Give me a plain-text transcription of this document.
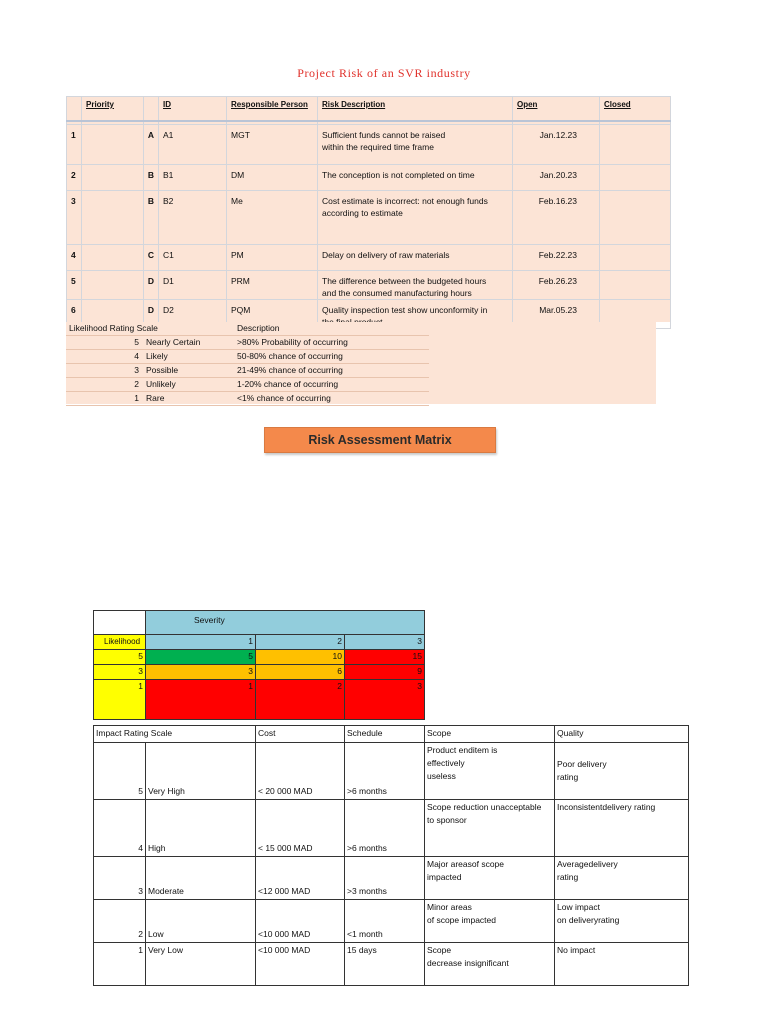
Project Risk of an SVR industry
	Priority		ID	Responsible Person	Risk Description	Open	Closed

1		A	A1	MGT	Sufficient funds cannot be raised
within the required time frame	Jan.12.23	
2		B	B1	DM	The conception is not completed on time	Jan.20.23	
3		B	B2	Me	Cost estimate is incorrect: not enough funds
according to estimate	Feb.16.23	
4		C	C1	PM	Delay on delivery of raw materials	Feb.22.23	
5		D	D1	PRM	The difference between the budgeted hours
and the consumed manufacturing hours	Feb.26.23	
6		D	D2	PQM	Quality inspection test show unconformity in	Mar.05.23	
Likelihood Rating Scale		Description
5	Nearly Certain	>80% Probability of occurring
4	Likely	50-80% chance of occurring
3	Possible	21-49% chance of occurring
2	Unlikely	1-20% chance of occurring
1	Rare	<1% chance of occurring
Risk Assessment Matrix
	Severity		
Likelihood	1	2	3
5	5	10	15
3	3	6	9
1	1	2	3
Impact Rating Scale		Cost	Schedule	Scope	Quality
5	Very High	< 20 000 MAD	>6 months	Product enditem is
effectively
useless	Poor delivery
rating
4	High	< 15 000 MAD	>6 months	Scope reduction unacceptable
to sponsor	Inconsistentdelivery rating
3	Moderate	<12 000 MAD	>3 months	Major areasof scope
impacted	Averagedelivery
rating
2	Low	<10 000 MAD	<1 month	Minor areas
of scope impacted	Low impact
on deliveryrating
1	Very Low	<10 000 MAD	15 days	Scope
decrease insignificant	No impact
